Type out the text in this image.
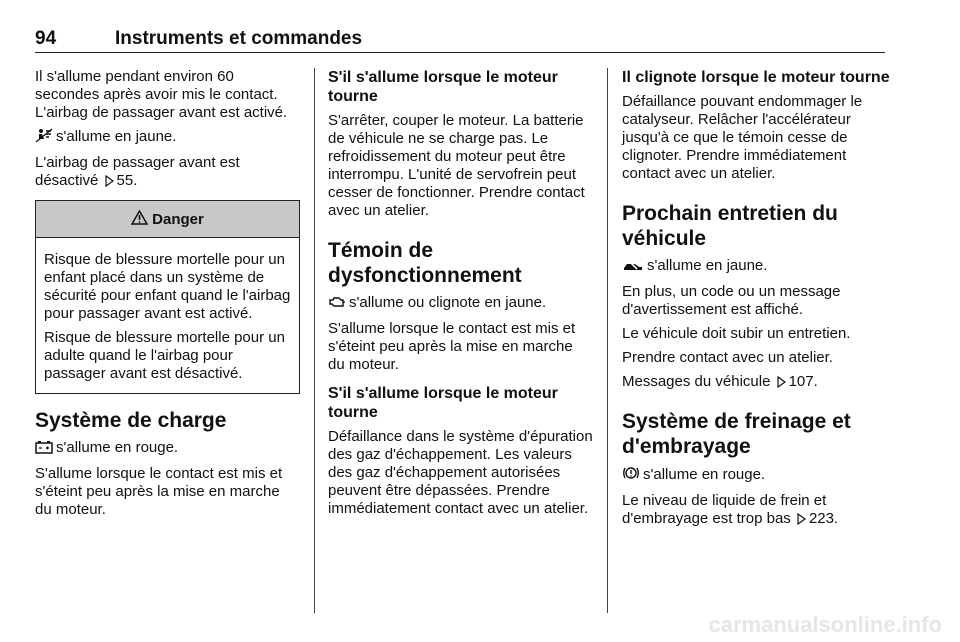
94	Instruments et commandes

Il s'allume pendant environ 60 secondes après avoir mis le contact. L'airbag de passager avant est activé.

s'allume en jaune.

L'airbag de passager avant est désactivé 55.

Danger

Risque de blessure mortelle pour un enfant placé dans un système de sécurité pour enfant quand le l'airbag pour passager avant est activé.

Risque de blessure mortelle pour un adulte quand le l'airbag pour passager avant est désactivé.

Système de charge

s'allume en rouge.

S'allume lorsque le contact est mis et s'éteint peu après la mise en marche du moteur.

S'il s'allume lorsque le moteur tourne

S'arrêter, couper le moteur. La batterie de véhicule ne se charge pas. Le refroidissement du moteur peut être interrompu. L'unité de servofrein peut cesser de fonctionner. Prendre contact avec un atelier.

Témoin de dysfonctionnement

s'allume ou clignote en jaune.

S'allume lorsque le contact est mis et s'éteint peu après la mise en marche du moteur.

S'il s'allume lorsque le moteur tourne

Défaillance dans le système d'épuration des gaz d'échappement. Les valeurs des gaz d'échappement autorisées peuvent être dépassées. Prendre immédiatement contact avec un atelier.

Il clignote lorsque le moteur tourne

Défaillance pouvant endommager le catalyseur. Relâcher l'accélérateur jusqu'à ce que le témoin cesse de clignoter. Prendre immédiatement contact avec un atelier.

Prochain entretien du véhicule

s'allume en jaune.

En plus, un code ou un message d'avertissement est affiché.

Le véhicule doit subir un entretien.

Prendre contact avec un atelier.

Messages du véhicule 107.

Système de freinage et d'embrayage

s'allume en rouge.

Le niveau de liquide de frein et d'embrayage est trop bas 223.

carmanualsonline.info
